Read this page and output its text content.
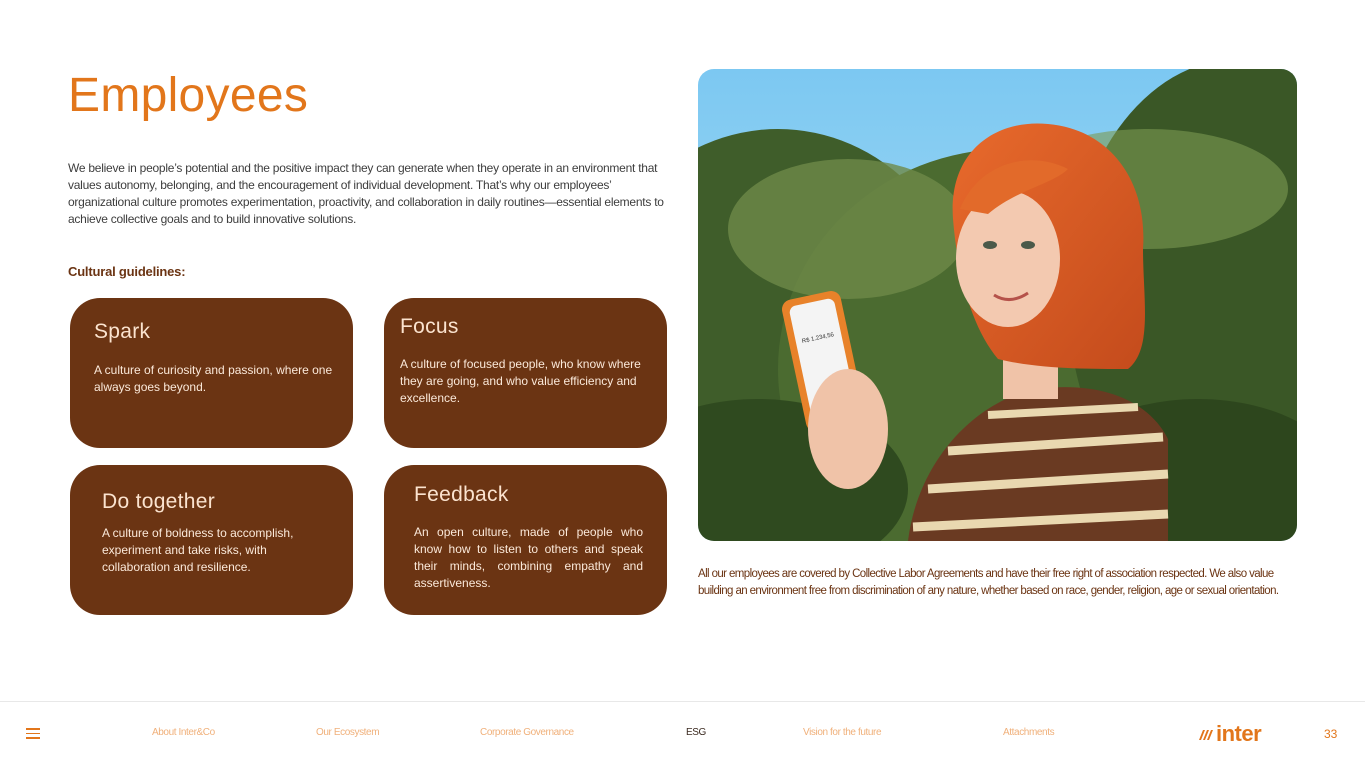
Employees

We believe in people’s potential and the positive impact they can generate when they operate in an environment that values autonomy, belonging, and the encouragement of individual development. That’s why our employees’ organizational culture promotes experimentation, proactivity, and collaboration in daily routines—essential elements to achieve collective goals and to build innovative solutions.

Cultural guidelines:
Spark

A culture of curiosity and passion, where one always goes beyond.

Focus

A culture of focused people, who know where they are going, and who value efficiency and excellence.

Do together

A culture of boldness to accomplish, experiment and take risks, with collaboration and resilience.

Feedback

An open culture, made of people who know how to listen to others and speak their minds, combining empathy and assertiveness.

R$ 1.234,56

All our employees are covered by Collective Labor Agreements and have their free right of association respected. We also value building an environment free from discrimination of any nature, whether based on race, gender, religion, age or sexual orientation.

About Inter&Co	Our Ecosystem	Corporate Governance	ESG	Vision for the future	Attachments	inter	33
